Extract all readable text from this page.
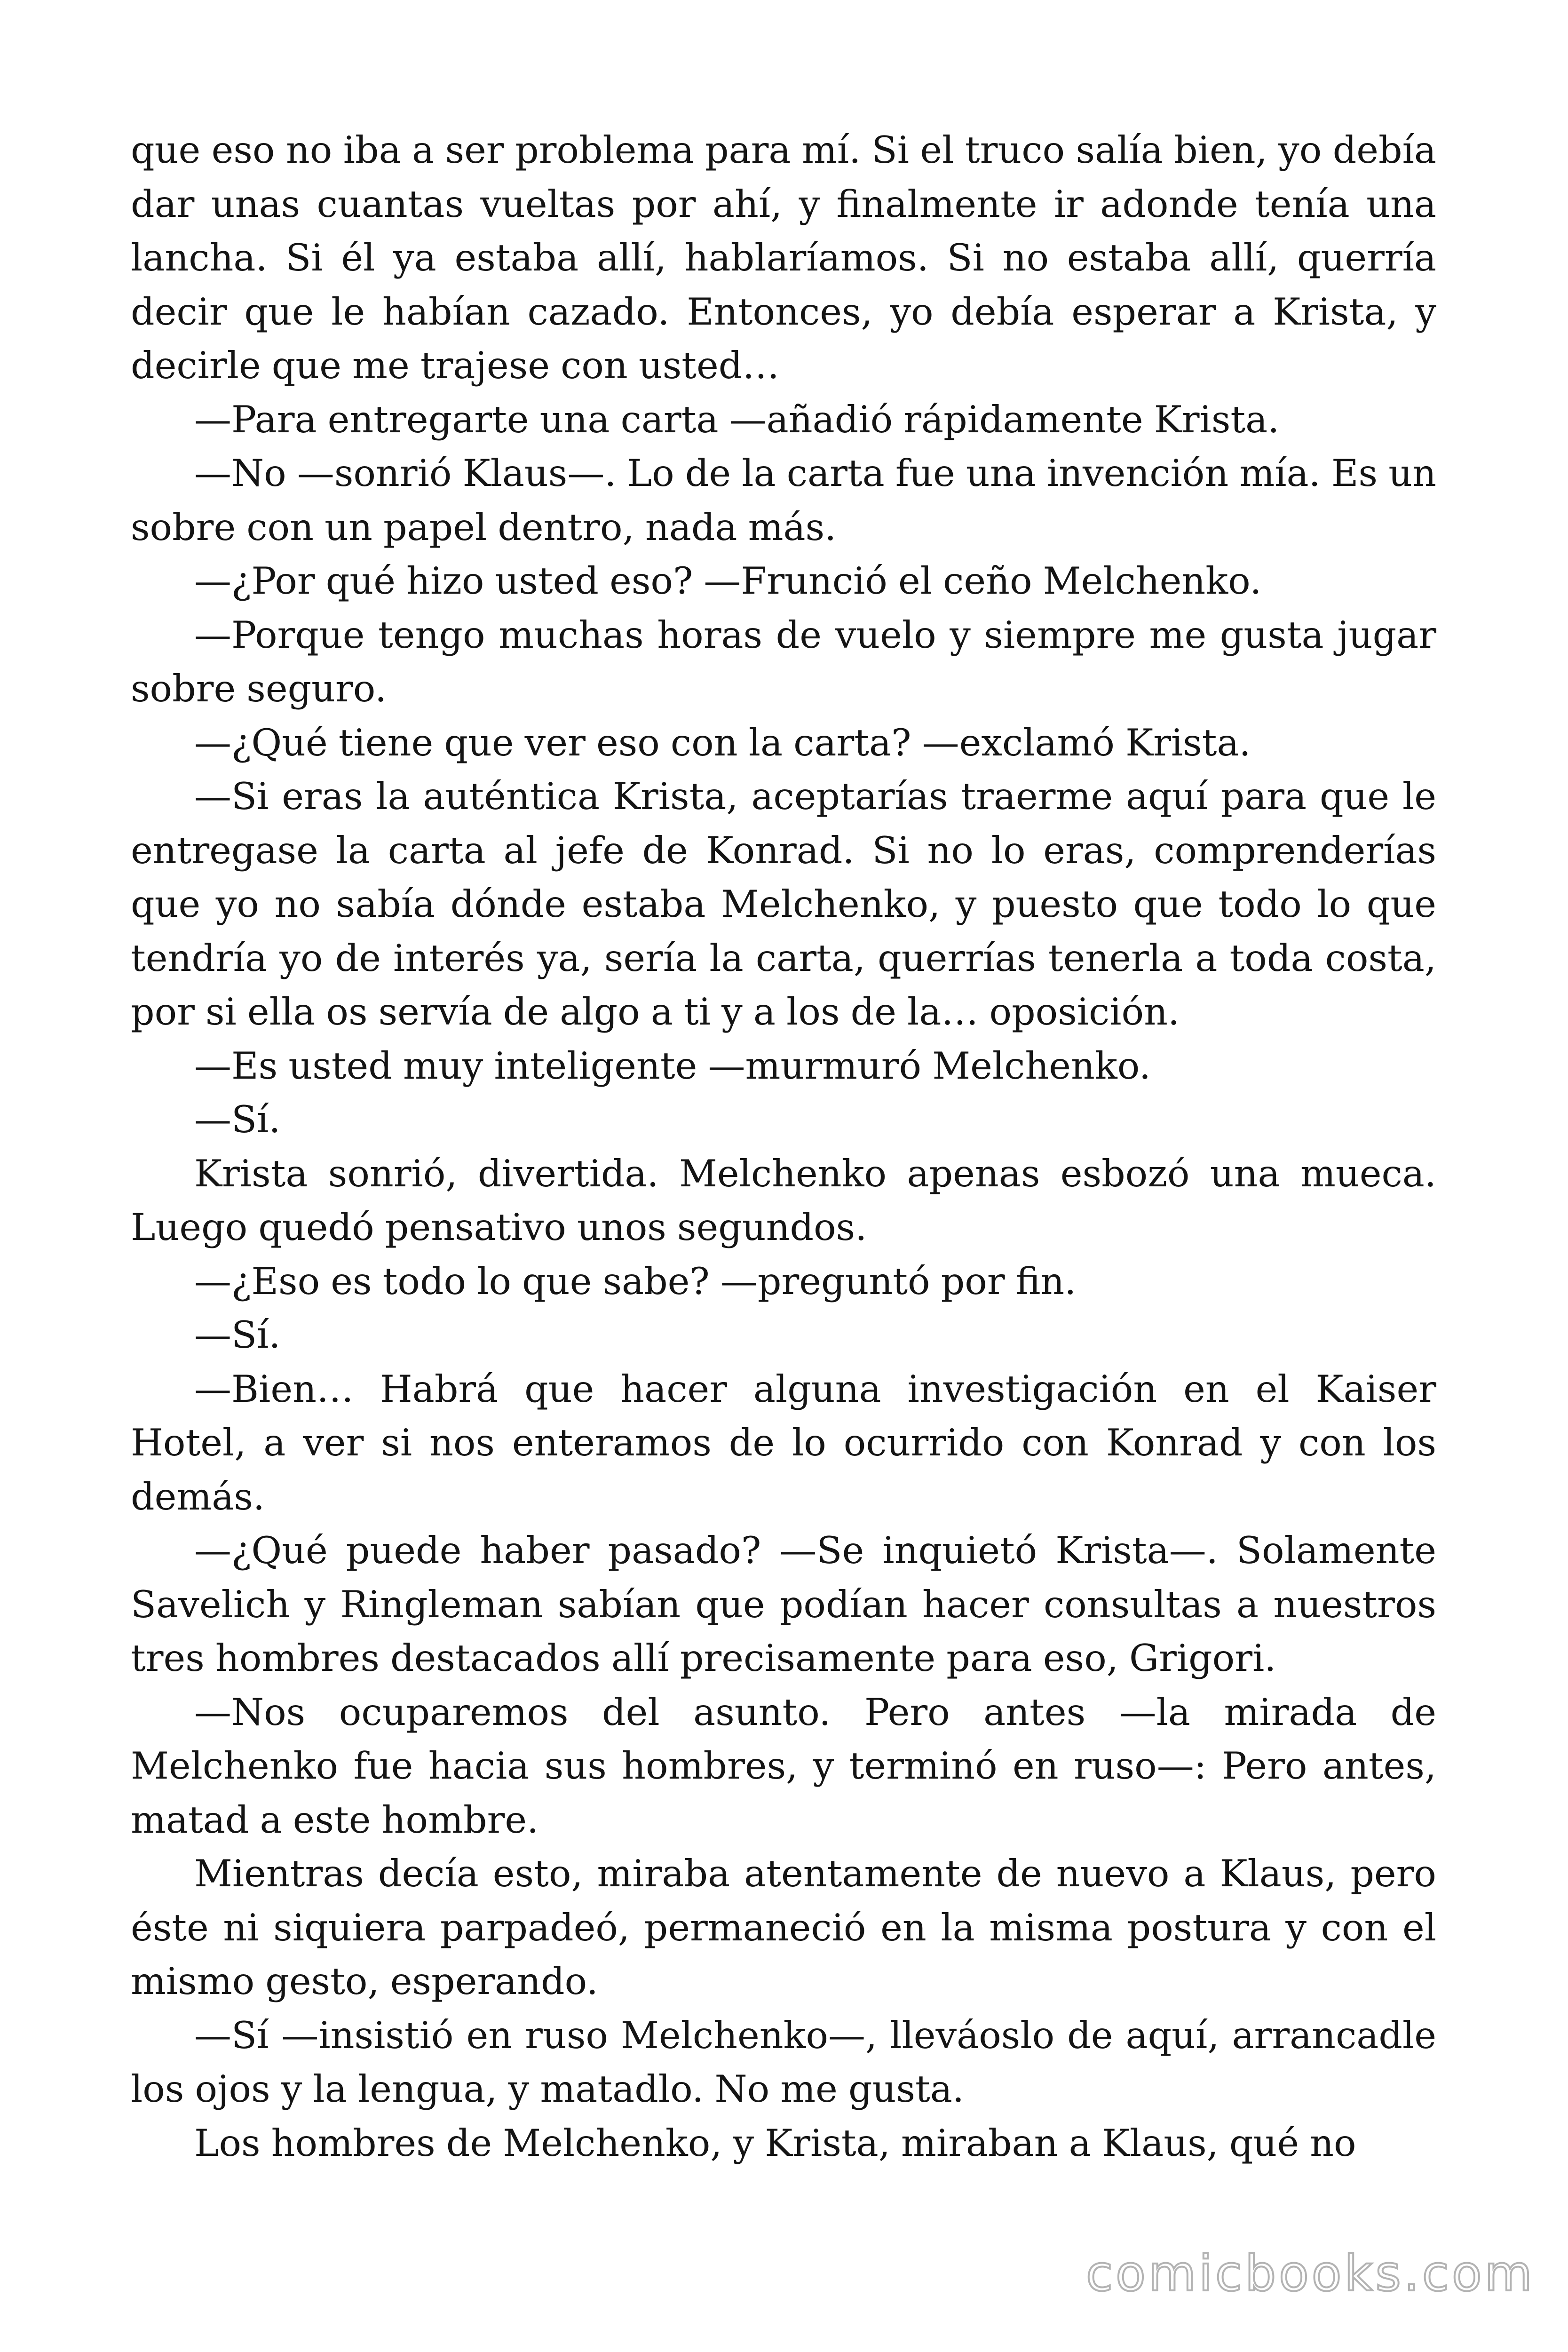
que eso no iba a ser problema para mí. Si el truco salía bien, yo debía dar unas cuantas vueltas por ahí, y finalmente ir adonde tenía una lancha. Si él ya estaba allí, hablaríamos. Si no estaba allí, querría decir que le habían cazado. Entonces, yo debía esperar a Krista, y decirle que me trajese con usted…

—Para entregarte una carta —añadió rápidamente Krista.

—No —sonrió Klaus—. Lo de la carta fue una invención mía. Es un sobre con un papel dentro, nada más.

—¿Por qué hizo usted eso? —Frunció el ceño Melchenko.

—Porque tengo muchas horas de vuelo y siempre me gusta jugar sobre seguro.

—¿Qué tiene que ver eso con la carta? —exclamó Krista.

—Si eras la auténtica Krista, aceptarías traerme aquí para que le entregase la carta al jefe de Konrad. Si no lo eras, comprenderías que yo no sabía dónde estaba Melchenko, y puesto que todo lo que tendría yo de interés ya, sería la carta, querrías tenerla a toda costa, por si ella os servía de algo a ti y a los de la… oposición.

—Es usted muy inteligente —murmuró Melchenko.

—Sí.

Krista sonrió, divertida. Melchenko apenas esbozó una mueca. Luego quedó pensativo unos segundos.

—¿Eso es todo lo que sabe? —preguntó por fin.

—Sí.

—Bien… Habrá que hacer alguna investigación en el Kaiser Hotel, a ver si nos enteramos de lo ocurrido con Konrad y con los demás.

—¿Qué puede haber pasado? —Se inquietó Krista—. Solamente Savelich y Ringleman sabían que podían hacer consultas a nuestros tres hombres destacados allí precisamente para eso, Grigori.

—Nos ocuparemos del asunto. Pero antes —la mirada de Melchenko fue hacia sus hombres, y terminó en ruso—: Pero antes, matad a este hombre.

Mientras decía esto, miraba atentamente de nuevo a Klaus, pero éste ni siquiera parpadeó, permaneció en la misma postura y con el mismo gesto, esperando.

—Sí —insistió en ruso Melchenko—, lleváoslo de aquí, arrancadle los ojos y la lengua, y matadlo. No me gusta.

Los hombres de Melchenko, y Krista, miraban a Klaus, qué no

comicbooks.com
